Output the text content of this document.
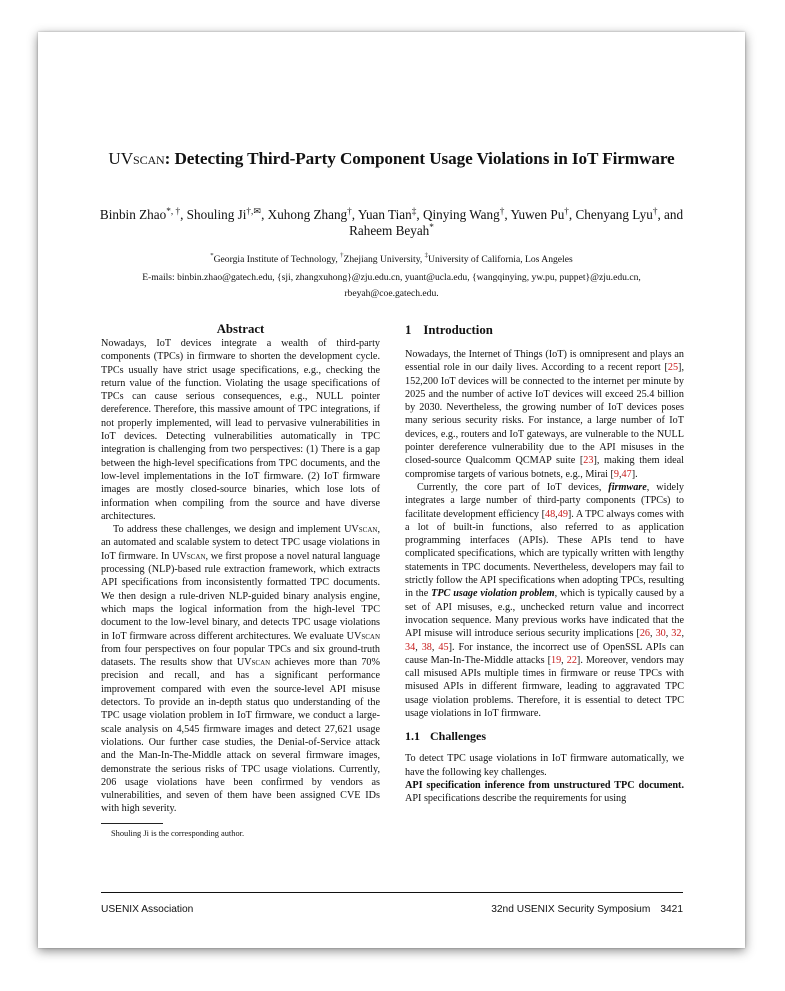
UVscan: Detecting Third-Party Component Usage Violations in IoT Firmware
Binbin Zhao*, †, Shouling Ji†,✉, Xuhong Zhang†, Yuan Tian‡, Qinying Wang†, Yuwen Pu†, Chenyang Lyu†, and Raheem Beyah*
*Georgia Institute of Technology, †Zhejiang University, ‡University of California, Los Angeles
E-mails: binbin.zhao@gatech.edu, {sji, zhangxuhong}@zju.edu.cn, yuant@ucla.edu, {wangqinying, yw.pu, puppet}@zju.edu.cn,
rbeyah@coe.gatech.edu.
Abstract

Nowadays, IoT devices integrate a wealth of third-party components (TPCs) in firmware to shorten the development cycle. TPCs usually have strict usage specifications, e.g., checking the return value of the function. Violating the usage specifications of TPCs can cause serious consequences, e.g., NULL pointer dereference. Therefore, this massive amount of TPC integrations, if not properly implemented, will lead to pervasive vulnerabilities in IoT devices. Detecting vulnerabilities automatically in TPC integration is challenging from two perspectives: (1) There is a gap between the high-level specifications from TPC documents, and the low-level implementations in the IoT firmware. (2) IoT firmware images are mostly closed-source binaries, which lose lots of information when compiling from the source and have diverse architectures.

To address these challenges, we design and implement UVscan, an automated and scalable system to detect TPC usage violations in IoT firmware. In UVscan, we first propose a novel natural language processing (NLP)-based rule extraction framework, which extracts API specifications from inconsistently formatted TPC documents. We then design a rule-driven NLP-guided binary analysis engine, which maps the logical information from the high-level TPC document to the low-level binary, and detects TPC usage violations in IoT firmware across different architectures. We evaluate UVscan from four perspectives on four popular TPCs and six ground-truth datasets. The results show that UVscan achieves more than 70% precision and recall, and has a significant performance improvement compared with even the source-level API misuse detectors. To provide an in-depth status quo understanding of the TPC usage violation problem in IoT firmware, we conduct a large-scale analysis on 4,545 firmware images and detect 27,621 usage violations. Our further case studies, the Denial-of-Service attack and the Man-In-The-Middle attack on several firmware images, demonstrate the serious risks of TPC usage violations. Currently, 206 usage violations have been confirmed by vendors as vulnerabilities, and seven of them have been assigned CVE IDs with high severity.

Shouling Ji is the corresponding author.
1 Introduction

Nowadays, the Internet of Things (IoT) is omnipresent and plays an essential role in our daily lives. According to a recent report [25], 152,200 IoT devices will be connected to the internet per minute by 2025 and the number of active IoT devices will exceed 25.4 billion by 2030. Nevertheless, the growing number of IoT devices poses many serious security risks. For instance, a large number of IoT devices, e.g., routers and IoT gateways, are vulnerable to the NULL pointer dereference vulnerability due to the API misuses in the closed-source Qualcomm QCMAP suite [23], making them ideal compromise targets of various botnets, e.g., Mirai [9,47].

Currently, the core part of IoT devices, firmware, widely integrates a large number of third-party components (TPCs) to facilitate development efficiency [48,49]. A TPC always comes with a lot of built-in functions, also referred to as application programming interfaces (APIs). These APIs tend to have complicated specifications, which are typically written with lengthy statements in TPC documents. Nevertheless, developers may fail to strictly follow the API specifications when adopting TPCs, resulting in the TPC usage violation problem, which is typically caused by a set of API misuses, e.g., unchecked return value and incorrect invocation sequence. Many previous works have indicated that the API misuse will introduce serious security implications [26, 30, 32, 34, 38, 45]. For instance, the incorrect use of OpenSSL APIs can cause Man-In-The-Middle attacks [19, 22]. Moreover, vendors may call misused APIs multiple times in firmware or reuse TPCs with misused APIs in different firmware, leading to aggravated TPC usage violation problems. Therefore, it is essential to detect TPC usage violations in IoT firmware.

1.1 Challenges

To detect TPC usage violations in IoT firmware automatically, we have the following key challenges.

API specification inference from unstructured TPC document. API specifications describe the requirements for using

USENIX Association	32nd USENIX Security Symposium 3421
